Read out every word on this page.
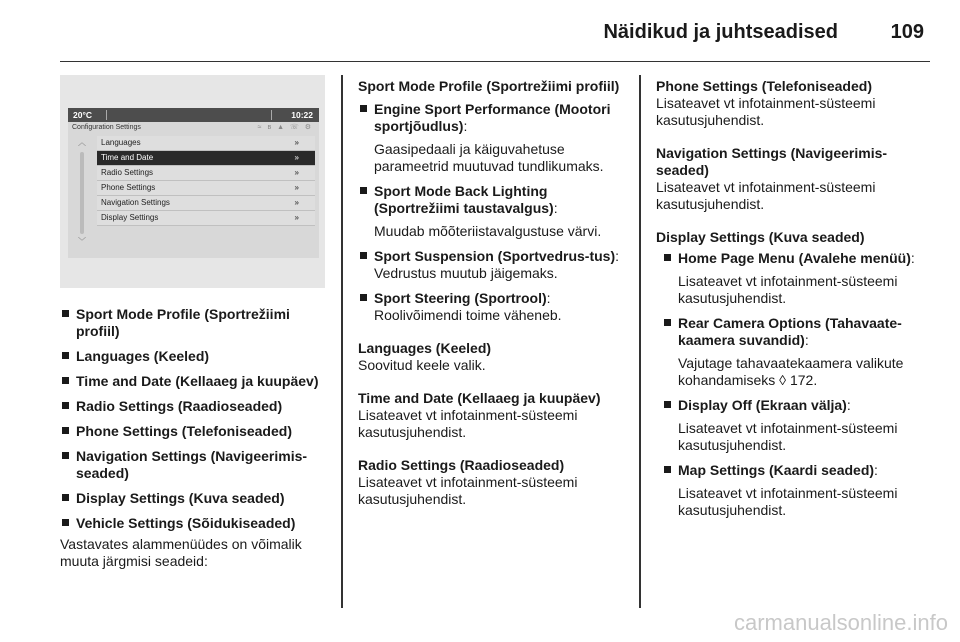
Näidikud ja juhtseadised	109
20°C	10:22
Configuration Settings	≈ ʙ ▲ ☏ ⚙
︿
﹀
Languages	»
Time and Date	»
Radio Settings	»
Phone Settings	»
Navigation Settings	»
Display Settings	»
Sport Mode Profile (Sportrežiimi profiil)
Languages (Keeled)
Time and Date (Kellaaeg ja kuupäev)
Radio Settings (Raadioseaded)
Phone Settings (Telefoniseaded)
Navigation Settings (Navigeerimis-seaded)
Display Settings (Kuva seaded)
Vehicle Settings (Sõidukiseaded)

Vastavates alammenüüdes on võimalik muuta järgmisi seadeid:

Sport Mode Profile (Sportrežiimi profiil)
Engine Sport Performance (Mootori sportjõudlus):
Gaasipedaali ja käiguvahetuse parameetrid muutuvad tundlikumaks.
Sport Mode Back Lighting (Sportrežiimi taustavalgus):
Muudab mõõteriistavalgustuse värvi.
Sport Suspension (Sportvedrus-tus): Vedrustus muutub jäigemaks.
Sport Steering (Sportrool):
Roolivõimendi toime väheneb.
Languages (Keeled)
Soovitud keele valik.
Time and Date (Kellaaeg ja kuupäev)
Lisateavet vt infotainment-süsteemi kasutusjuhendist.
Radio Settings (Raadioseaded)
Lisateavet vt infotainment-süsteemi kasutusjuhendist.
Phone Settings (Telefoniseaded)
Lisateavet vt infotainment-süsteemi kasutusjuhendist.
Navigation Settings (Navigeerimis-seaded)
Lisateavet vt infotainment-süsteemi kasutusjuhendist.
Display Settings (Kuva seaded)
Home Page Menu (Avalehe menüü):
Lisateavet vt infotainment-süsteemi kasutusjuhendist.
Rear Camera Options (Tahavaate-kaamera suvandid):
Vajutage tahavaatekaamera valikute kohandamiseks ◊ 172.
Display Off (Ekraan välja):
Lisateavet vt infotainment-süsteemi kasutusjuhendist.
Map Settings (Kaardi seaded):
Lisateavet vt infotainment-süsteemi kasutusjuhendist.
carmanualsonline.info
